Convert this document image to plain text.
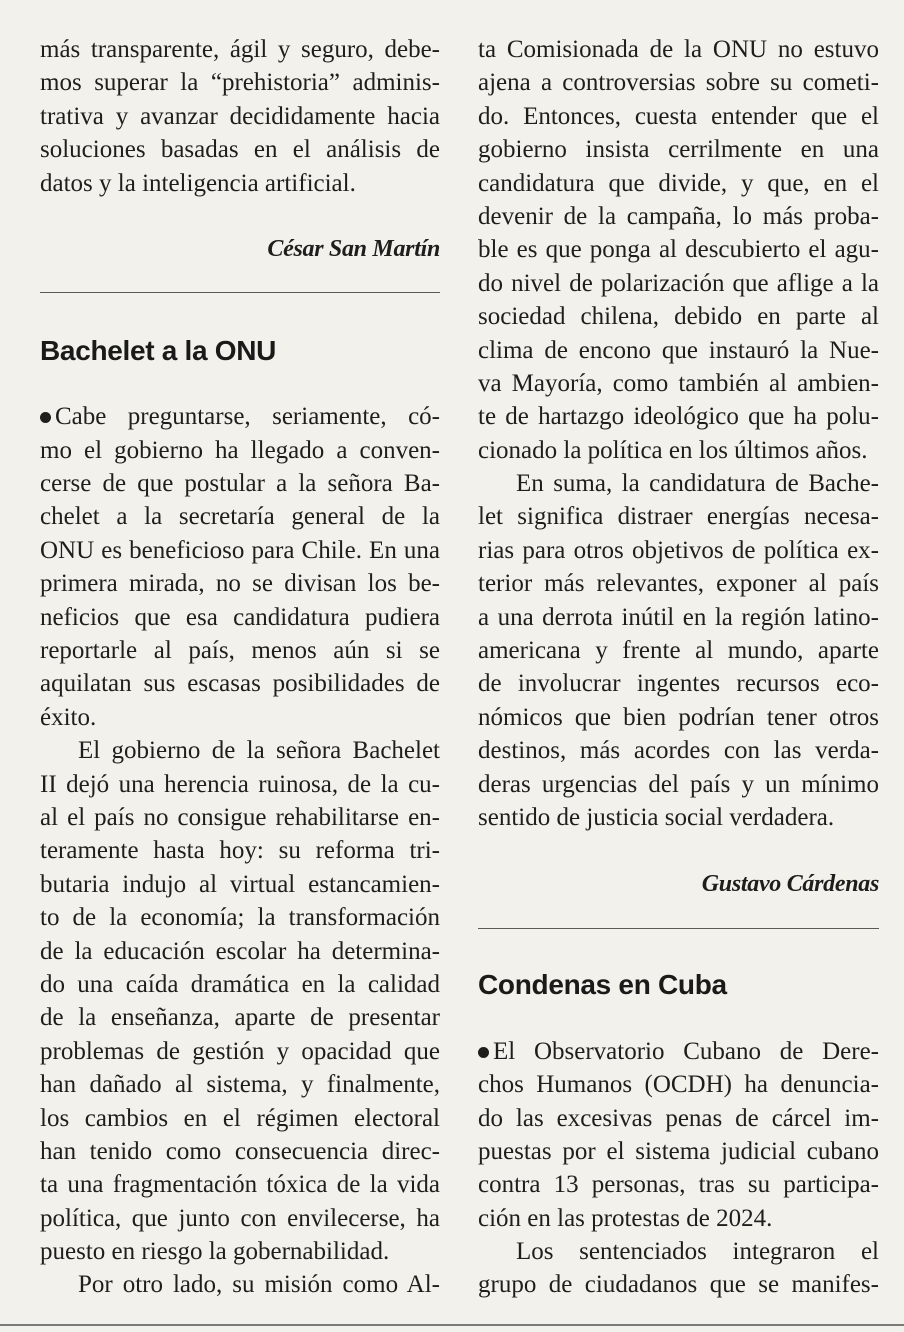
más transparente, ágil y seguro, debe-
mos superar la “prehistoria” adminis-
trativa y avanzar decididamente hacia
soluciones basadas en el análisis de
datos y la inteligencia artificial.
César San Martín
Bachelet a la ONU
Cabe preguntarse, seriamente, có-
mo el gobierno ha llegado a conven-
cerse de que postular a la señora Ba-
chelet a la secretaría general de la
ONU es beneficioso para Chile. En una
primera mirada, no se divisan los be-
neficios que esa candidatura pudiera
reportarle al país, menos aún si se
aquilatan sus escasas posibilidades de
éxito.
El gobierno de la señora Bachelet
II dejó una herencia ruinosa, de la cu-
al el país no consigue rehabilitarse en-
teramente hasta hoy: su reforma tri-
butaria indujo al virtual estancamien-
to de la economía; la transformación
de la educación escolar ha determina-
do una caída dramática en la calidad
de la enseñanza, aparte de presentar
problemas de gestión y opacidad que
han dañado al sistema, y finalmente,
los cambios en el régimen electoral
han tenido como consecuencia direc-
ta una fragmentación tóxica de la vida
política, que junto con envilecerse, ha
puesto en riesgo la gobernabilidad.
Por otro lado, su misión como Al-
ta Comisionada de la ONU no estuvo
ajena a controversias sobre su cometi-
do. Entonces, cuesta entender que el
gobierno insista cerrilmente en una
candidatura que divide, y que, en el
devenir de la campaña, lo más proba-
ble es que ponga al descubierto el agu-
do nivel de polarización que aflige a la
sociedad chilena, debido en parte al
clima de encono que instauró la Nue-
va Mayoría, como también al ambien-
te de hartazgo ideológico que ha polu-
cionado la política en los últimos años.
En suma, la candidatura de Bache-
let significa distraer energías necesa-
rias para otros objetivos de política ex-
terior más relevantes, exponer al país
a una derrota inútil en la región latino-
americana y frente al mundo, aparte
de involucrar ingentes recursos eco-
nómicos que bien podrían tener otros
destinos, más acordes con las verda-
deras urgencias del país y un mínimo
sentido de justicia social verdadera.
Gustavo Cárdenas
Condenas en Cuba
El Observatorio Cubano de Dere-
chos Humanos (OCDH) ha denuncia-
do las excesivas penas de cárcel im-
puestas por el sistema judicial cubano
contra 13 personas, tras su participa-
ción en las protestas de 2024.
Los sentenciados integraron el
grupo de ciudadanos que se manifes-
